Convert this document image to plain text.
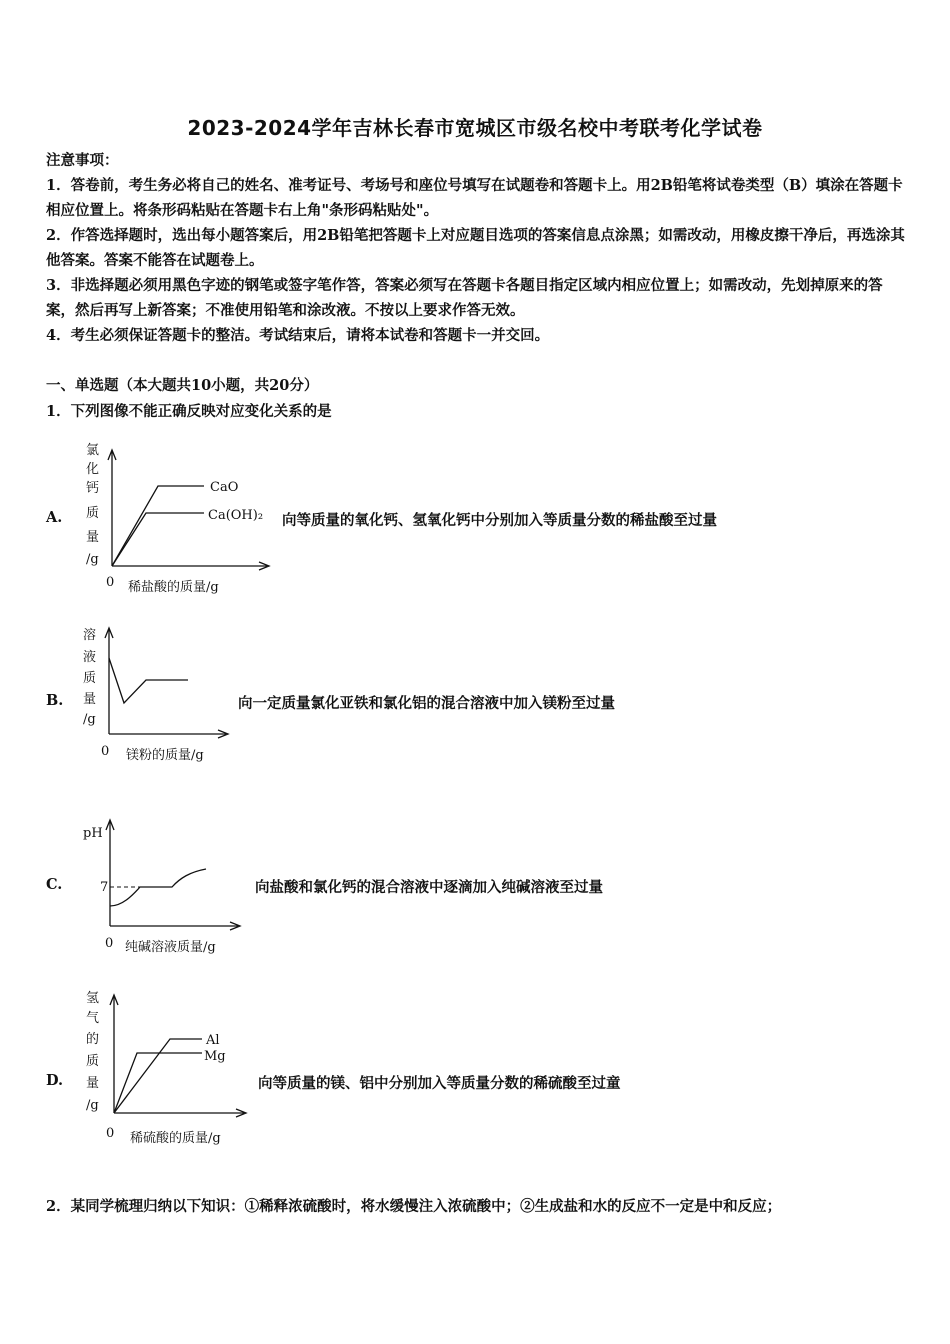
2023-2024学年吉林长春市宽城区市级名校中考联考化学试卷

注意事项：

1．答卷前，考生务必将自己的姓名、准考证号、考场号和座位号填写在试题卷和答题卡上。用2B铅笔将试卷类型（B）填涂在答题卡相应位置上。将条形码粘贴在答题卡右上角"条形码粘贴处"。

2．作答选择题时，选出每小题答案后，用2B铅笔把答题卡上对应题目选项的答案信息点涂黑；如需改动，用橡皮擦干净后，再选涂其他答案。答案不能答在试题卷上。

3．非选择题必须用黑色字迹的钢笔或签字笔作答，答案必须写在答题卡各题目指定区域内相应位置上；如需改动，先划掉原来的答案，然后再写上新答案；不准使用铅笔和涂改液。不按以上要求作答无效。

4．考生必须保证答题卡的整洁。考试结束后，请将本试卷和答题卡一并交回。

一、单选题（本大题共10小题，共20分）
1．下列图像不能正确反映对应变化关系的是
A.
氯
化
钙
质
量
/g
CaO
Ca(OH)₂
0 稀盐酸的质量/g
向等质量的氧化钙、氢氧化钙中分别加入等质量分数的稀盐酸至过量
B.
溶
液
质
量
/g
0 镁粉的质量/g
向一定质量氯化亚铁和氯化铝的混合溶液中加入镁粉至过量
C.
pH
7
0 纯碱溶液质量/g
向盐酸和氯化钙的混合溶液中逐滴加入纯碱溶液至过量
D.
氢
气
的
质
量
/g
Al
Mg
0 稀硫酸的质量/g
向等质量的镁、铝中分别加入等质量分数的稀硫酸至过童
2．某同学梳理归纳以下知识：①稀释浓硫酸时，将水缓慢注入浓硫酸中；②生成盐和水的反应不一定是中和反应；
